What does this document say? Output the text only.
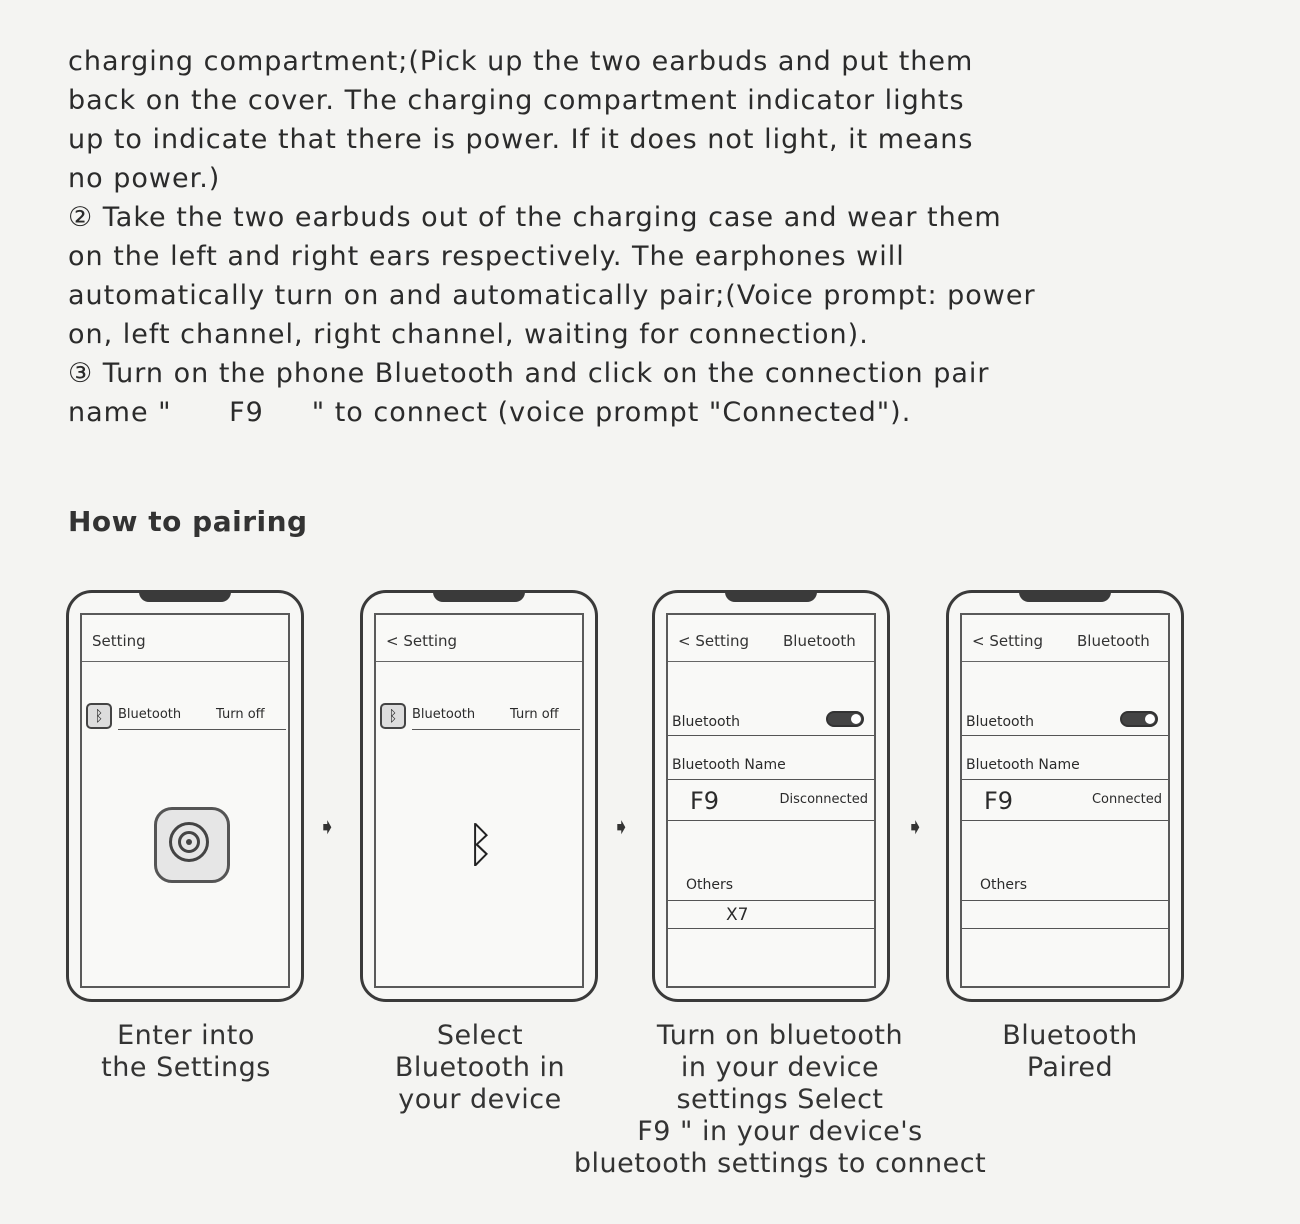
charging compartment;(Pick up the two earbuds and put them

back on the cover. The charging compartment indicator lights

up to indicate that there is power. If it does not light, it means

no power.)

② Take the two earbuds out of the charging case and wear them

on the left and right ears respectively. The earphones will

automatically turn on and automatically pair;(Voice prompt: power

on, left channel, right channel, waiting for connection).

③ Turn on the phone Bluetooth and click on the connection pair

name "      F9     " to connect (voice prompt "Connected").

How to pairing
Setting
ᛒ	Bluetooth	Turn off
➧
< Setting
ᛒ	Bluetooth	Turn off
ᛒ	➧
< Setting Bluetooth
Bluetooth
Bluetooth Name
F9	Disconnected
Others
X7
➧
< Setting Bluetooth
Bluetooth
Bluetooth Name
F9	Connected
Others

Enter into

the Settings

Select

Bluetooth in

your device

Turn on bluetooth

in your device

settings Select

F9 " in your device's

bluetooth settings to connect

Bluetooth

Paired
